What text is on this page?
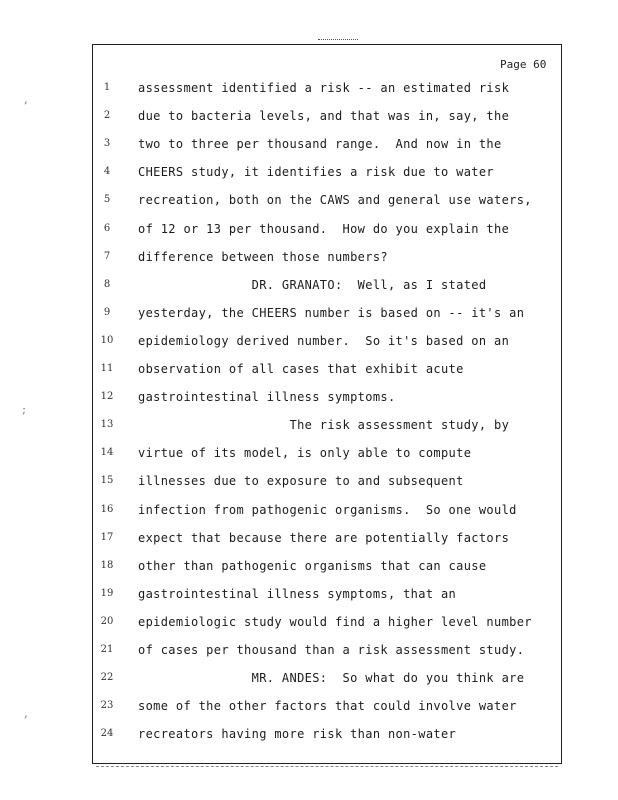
Page 60
,
;
,
1	assessment identified a risk -- an estimated risk
2	due to bacteria levels, and that was in, say, the
3	two to three per thousand range.  And now in the
4	CHEERS study, it identifies a risk due to water
5	recreation, both on the CAWS and general use waters,
6	of 12 or 13 per thousand.  How do you explain the
7	difference between those numbers?
8	DR. GRANATO:  Well, as I stated
9	yesterday, the CHEERS number is based on -- it's an
10 epidemiology derived number.  So it's based on an
11 observation of all cases that exhibit acute
12 gastrointestinal illness symptoms.
13 The risk assessment study, by
14 virtue of its model, is only able to compute
15 illnesses due to exposure to and subsequent
16 infection from pathogenic organisms.  So one would
17 expect that because there are potentially factors
18 other than pathogenic organisms that can cause
19 gastrointestinal illness symptoms, that an
20 epidemiologic study would find a higher level number
21 of cases per thousand than a risk assessment study.
22 MR. ANDES:  So what do you think are
23 some of the other factors that could involve water
24 recreators having more risk than non-water
